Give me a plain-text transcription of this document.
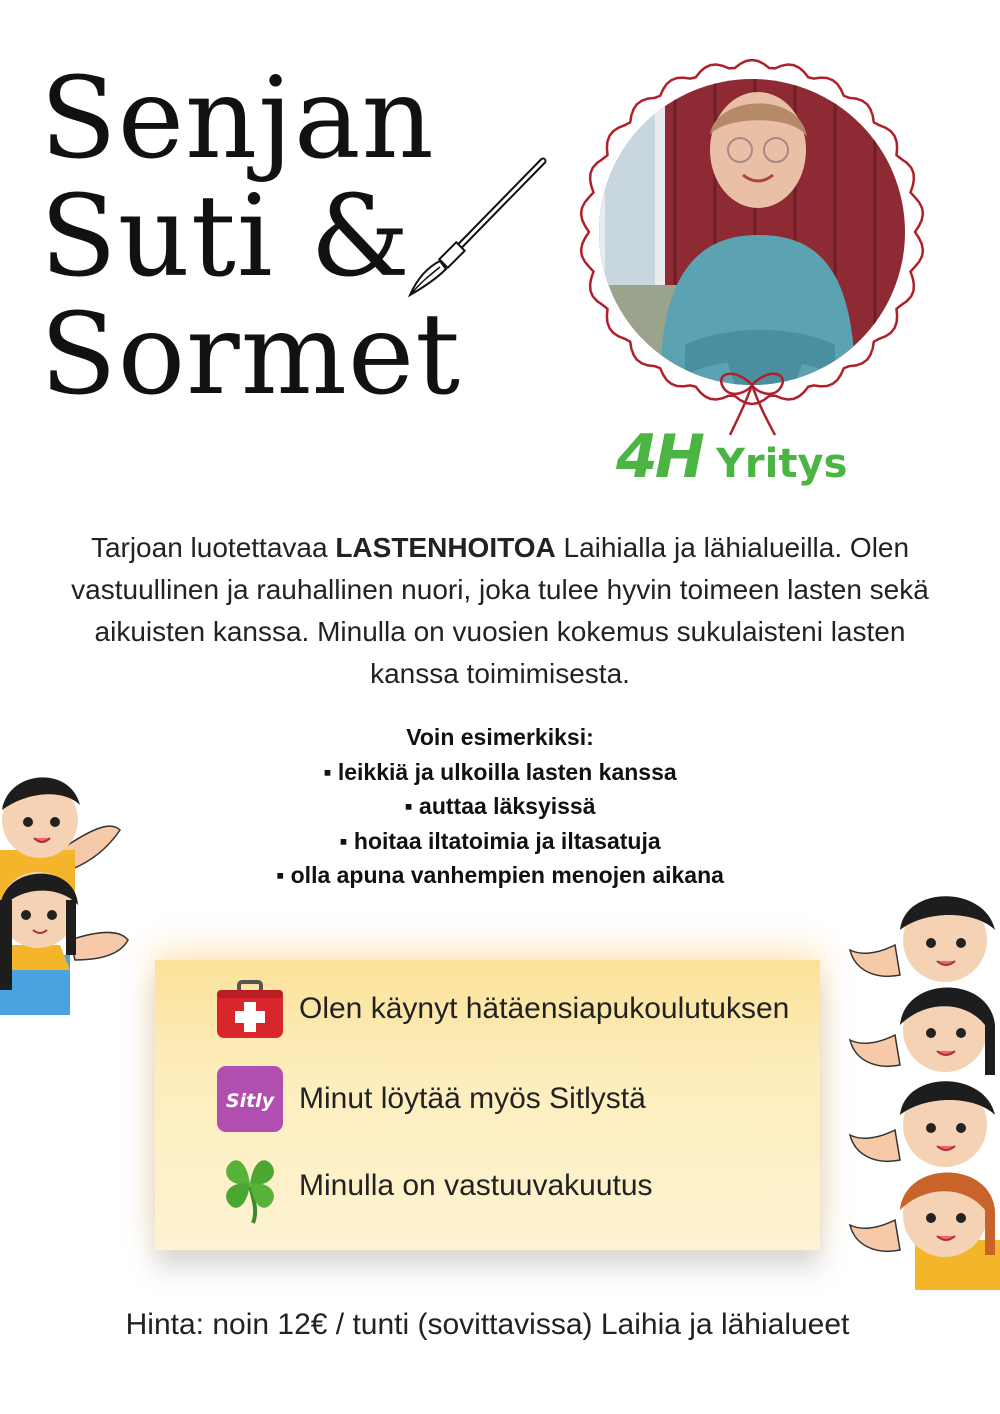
Senjan
Suti &
Sormet
4H Yritys
Tarjoan luotettavaa LASTENHOITOA Laihialla ja lähialueilla. Olen vastuullinen ja rauhallinen nuori, joka tulee hyvin toimeen lasten sekä aikuisten kanssa. Minulla on vuosien kokemus sukulaisteni lasten kanssa toimimisesta.
Voin esimerkiksi:
▪ leikkiä ja ulkoilla lasten kanssa
▪ auttaa läksyissä
▪ hoitaa iltatoimia ja iltasatuja
▪ olla apuna vanhempien menojen aikana
Olen käynyt hätäensiapukoulutuksen
Sitly Minut löytää myös Sitlystä
Minulla on vastuuvakuutus
Hinta: noin 12€ / tunti (sovittavissa) Laihia ja lähialueet
